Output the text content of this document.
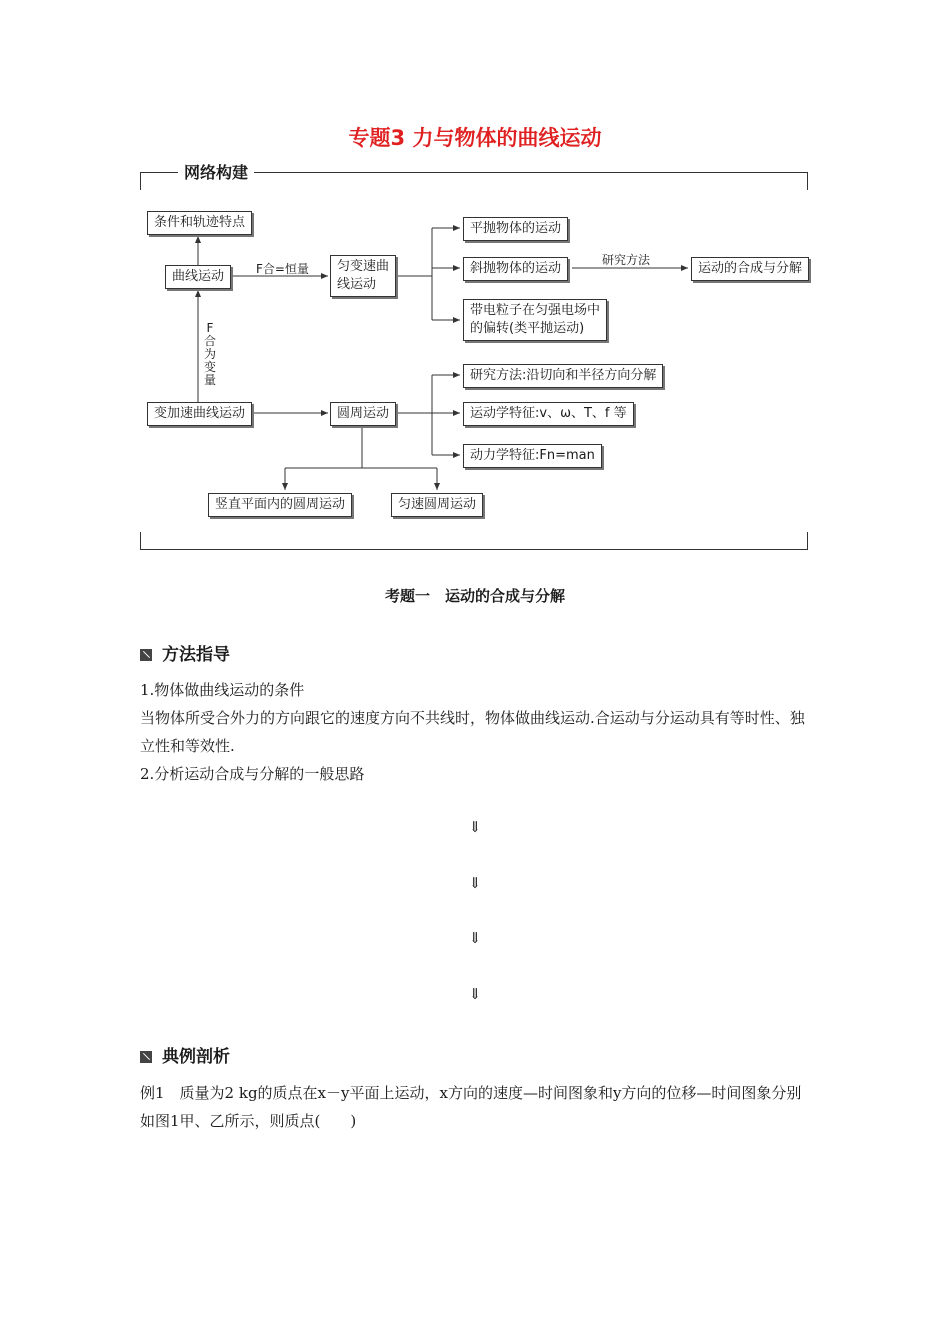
专题3 力与物体的曲线运动
网络构建
条件和轨迹特点
曲线运动
匀变速曲
线运动
平抛物体的运动
斜抛物体的运动	运动的合成与分解
带电粒子在匀强电场中
的偏转(类平抛运动)
变加速曲线运动	圆周运动
研究方法:沿切向和半径方向分解
运动学特征:v、ω、T、f 等
动力学特征:Fn=man
竖直平面内的圆周运动	匀速圆周运动
F合=恒量
研究方法
F合为变量
考题一　运动的合成与分解
方法指导
1.物体做曲线运动的条件
当物体所受合外力的方向跟它的速度方向不共线时，物体做曲线运动.合运动与分运动具有等时性、独立性和等效性.
2.分析运动合成与分解的一般思路
⇓
⇓
⇓
⇓
典例剖析
例1　质量为2 kg的质点在x－y平面上运动，x方向的速度—时间图象和y方向的位移—时间图象分别如图1甲、乙所示，则质点(　　)
